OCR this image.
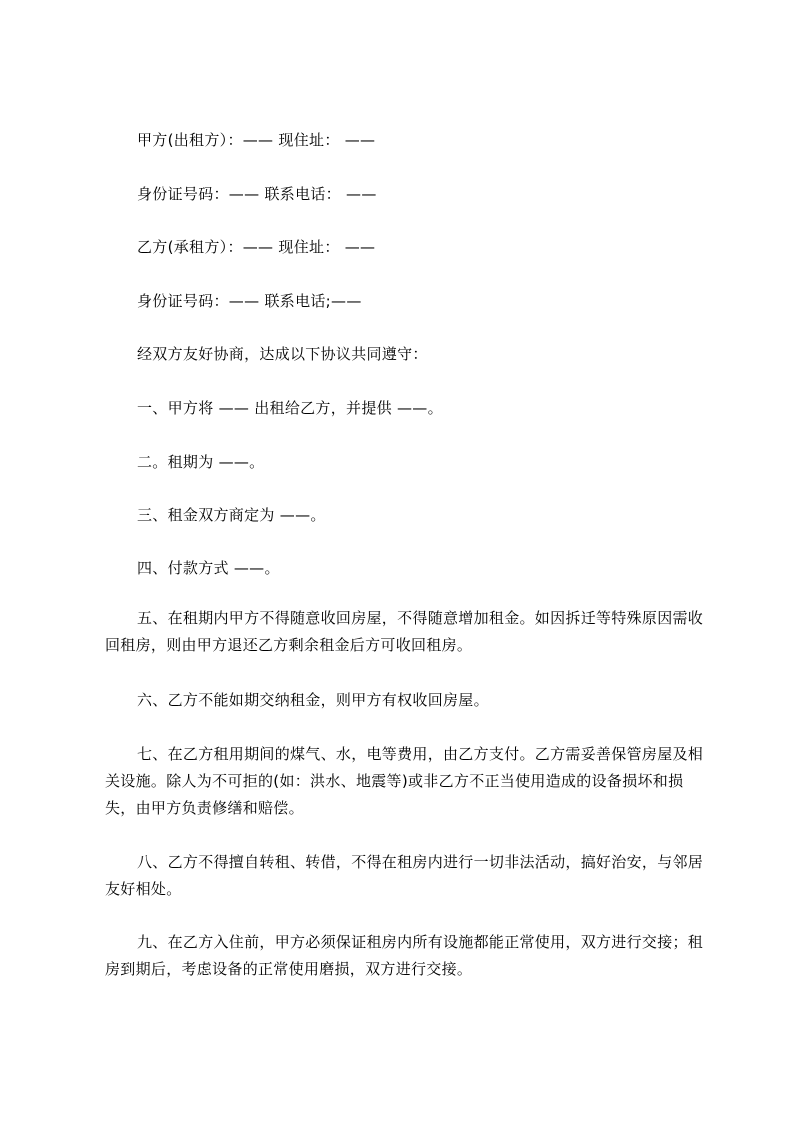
甲方(出租方）：—— 现住址： ——
身份证号码：—— 联系电话： ——
乙方(承租方）：—— 现住址： ——
身份证号码：—— 联系电话;——
经双方友好协商，达成以下协议共同遵守：
一、甲方将 —— 出租给乙方，并提供 ——。
二。租期为 ——。
三、租金双方商定为 ——。
四、付款方式 ——。
五、在租期内甲方不得随意收回房屋，不得随意增加租金。如因拆迁等特殊原因需收回租房，则由甲方退还乙方剩余租金后方可收回租房。
六、乙方不能如期交纳租金，则甲方有权收回房屋。
七、在乙方租用期间的煤气、水，电等费用，由乙方支付。乙方需妥善保管房屋及相关设施。除人为不可拒的(如：洪水、地震等)或非乙方不正当使用造成的设备损坏和损失，由甲方负责修缮和赔偿。
八、乙方不得擅自转租、转借，不得在租房内进行一切非法活动，搞好治安，与邻居友好相处。
九、在乙方入住前，甲方必须保证租房内所有设施都能正常使用，双方进行交接；租房到期后，考虑设备的正常使用磨损，双方进行交接。
